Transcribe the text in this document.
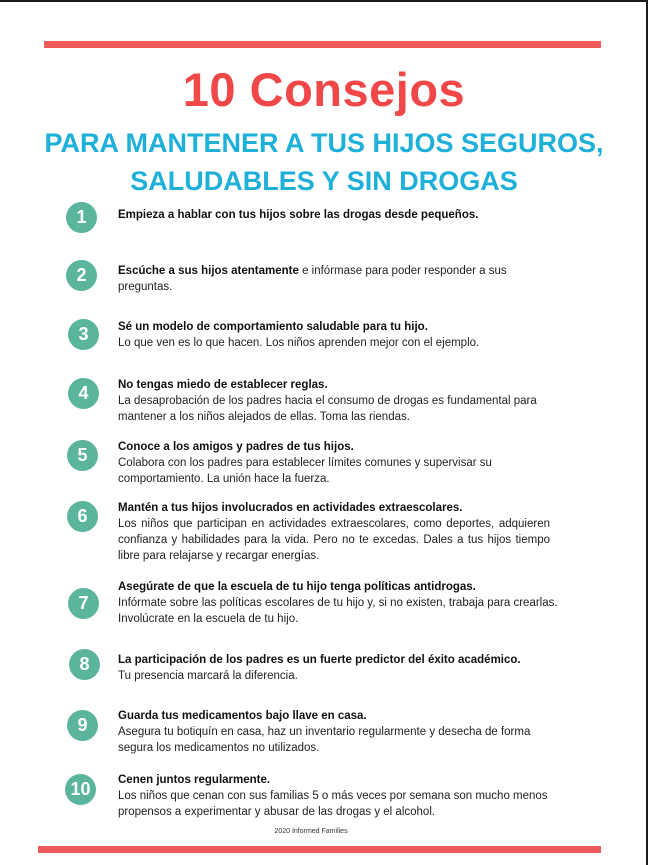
10 Consejos
PARA MANTENER A TUS HIJOS SEGUROS,
SALUDABLES Y SIN DROGAS
1	Empieza a hablar con tus hijos sobre las drogas desde pequeños.
2	Escúche a sus hijos atentamente e infórmase para poder responder a sus preguntas.
3	Sé un modelo de comportamiento saludable para tu hijo.
Lo que ven es lo que hacen. Los niños aprenden mejor con el ejemplo.
4	No tengas miedo de establecer reglas.
La desaprobación de los padres hacia el consumo de drogas es fundamental para mantener a los niños alejados de ellas. Toma las riendas.
5	Conoce a los amigos y padres de tus hijos.
Colabora con los padres para establecer límites comunes y supervisar su comportamiento. La unión hace la fuerza.
6	Mantén a tus hijos involucrados en actividades extraescolares.
Los niños que participan en actividades extraescolares, como deportes, adquieren confianza y habilidades para la vida. Pero no te excedas. Dales a tus hijos tiempo libre para relajarse y recargar energías.
7
Asegúrate de que la escuela de tu hijo tenga políticas antidrogas.
Infórmate sobre las políticas escolares de tu hijo y, si no existen, trabaja para crearlas. Involúcrate en la escuela de tu hijo.
8	La participación de los padres es un fuerte predictor del éxito académico.
Tu presencia marcará la diferencia.
9	Guarda tus medicamentos bajo llave en casa.
Asegura tu botiquín en casa, haz un inventario regularmente y desecha de forma segura los medicamentos no utilizados.
10	Cenen juntos regularmente.
Los niños que cenan con sus familias 5 o más veces por semana son mucho menos propensos a experimentar y abusar de las drogas y el alcohol.
2020 Informed Families
